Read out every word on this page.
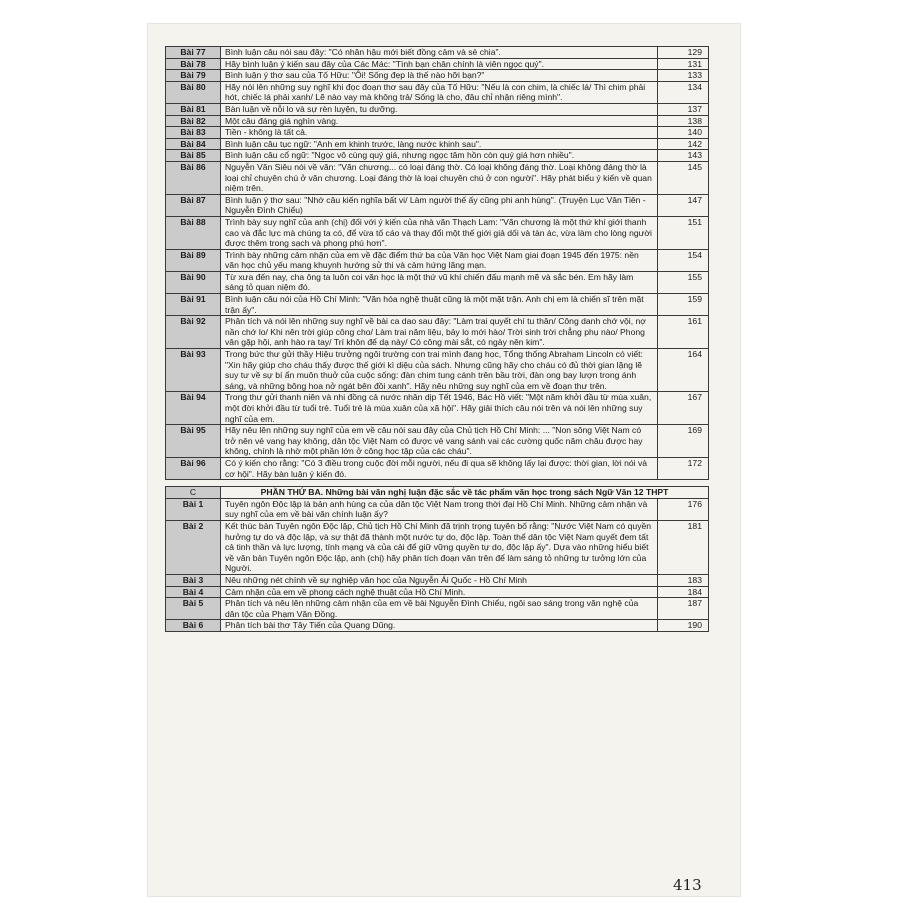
Bài 77	Bình luận câu nói sau đây: "Có nhân hậu mới biết đồng cảm và sẻ chia".	129
Bài 78	Hãy bình luận ý kiến sau đây của Các Mác: "Tình bạn chân chính là viên ngọc quý".	131
Bài 79	Bình luận ý thơ sau của Tố Hữu: "Ôi! Sống đẹp là thế nào hỡi bạn?"	133
Bài 80	Hãy nói lên những suy nghĩ khi đọc đoạn thơ sau đây của Tố Hữu: "Nếu là con chim, là chiếc lá/ Thì chim phải hót, chiếc lá phải xanh/ Lẽ nào vay mà không trả/ Sống là cho, đâu chỉ nhận riêng mình".	134
Bài 81	Bàn luận về nỗi lo và sự rèn luyện, tu dưỡng.	137
Bài 82	Một câu đáng giá nghìn vàng.	138
Bài 83	Tiền - không là tất cả.	140
Bài 84	Bình luận câu tục ngữ: "Anh em khinh trước, làng nước khinh sau".	142
Bài 85	Bình luận câu cổ ngữ: "Ngọc vô cùng quý giá, nhưng ngọc tâm hồn còn quý giá hơn nhiều".	143
Bài 86	Nguyễn Văn Siêu nói về văn: "Văn chương... có loại đáng thờ. Có loại không đáng thờ. Loại không đáng thờ là loại chỉ chuyên chú ở văn chương. Loại đáng thờ là loại chuyên chú ở con người". Hãy phát biểu ý kiến về quan niệm trên.	145
Bài 87	Bình luận ý thơ sau: "Nhớ câu kiến nghĩa bất vi/ Làm người thế ấy cũng phi anh hùng". (Truyện Lục Vân Tiên - Nguyễn Đình Chiểu)	147
Bài 88	Trình bày suy nghĩ của anh (chị) đối với ý kiến của nhà văn Thạch Lam: "Văn chương là một thứ khí giới thanh cao và đắc lực mà chúng ta có, để vừa tố cáo và thay đổi một thế giới giả dối và tàn ác, vừa làm cho lòng người được thêm trong sạch và phong phú hơn".	151
Bài 89	Trình bày những cảm nhận của em về đặc điểm thứ ba của Văn học Việt Nam giai đoạn 1945 đến 1975: nền văn học chủ yếu mang khuynh hướng sử thi và cảm hứng lãng mạn.	154
Bài 90	Từ xưa đến nay, cha ông ta luôn coi văn học là một thứ vũ khí chiến đấu mạnh mẽ và sắc bén. Em hãy làm sáng tỏ quan niệm đó.	155
Bài 91	Bình luận câu nói của Hồ Chí Minh: "Văn hóa nghệ thuật cũng là một mặt trận. Anh chị em là chiến sĩ trên mặt trận ấy".	159
Bài 92	Phân tích và nói lên những suy nghĩ về bài ca dao sau đây: "Làm trai quyết chí tu thân/ Công danh chớ vội, nợ nần chớ lo/ Khi nên trời giúp công cho/ Làm trai năm liệu, bảy lo mới hào/ Trời sinh trời chẳng phụ nào/ Phong vân gặp hội, anh hào ra tay/ Trí khôn để dạ này/ Có công mài sắt, có ngày nên kim".	161
Bài 93	Trong bức thư gửi thầy Hiệu trưởng ngôi trường con trai mình đang học, Tổng thống Abraham Lincoln có viết: "Xin hãy giúp cho cháu thấy được thế giới kì diệu của sách. Nhưng cũng hãy cho cháu có đủ thời gian lặng lẽ suy tư về sự bí ẩn muôn thuở của cuộc sống: đàn chim tung cánh trên bầu trời, đàn ong bay lượn trong ánh sáng, và những bông hoa nở ngát bên đồi xanh". Hãy nêu những suy nghĩ của em về đoạn thư trên.	164
Bài 94	Trong thư gửi thanh niên và nhi đồng cả nước nhân dịp Tết 1946, Bác Hồ viết: "Một năm khởi đầu từ mùa xuân, một đời khởi đầu từ tuổi trẻ. Tuổi trẻ là mùa xuân của xã hội". Hãy giải thích câu nói trên và nói lên những suy nghĩ của em.	167
Bài 95	Hãy nêu lên những suy nghĩ của em về câu nói sau đây của Chủ tịch Hồ Chí Minh: ... "Non sông Việt Nam có trở nên vẻ vang hay không, dân tộc Việt Nam có được vẻ vang sánh vai các cường quốc năm châu được hay không, chính là nhờ một phần lớn ở công học tập của các cháu".	169
Bài 96	Có ý kiến cho rằng: "Có 3 điều trong cuộc đời mỗi người, nếu đi qua sẽ không lấy lại được: thời gian, lời nói và cơ hội". Hãy bàn luận ý kiến đó.	172

C	PHẦN THỨ BA. Những bài văn nghị luận đặc sắc về tác phẩm văn học trong sách Ngữ Văn 12 THPT	
Bài 1	Tuyên ngôn Độc lập là bản anh hùng ca của dân tộc Việt Nam trong thời đại Hồ Chí Minh. Những cảm nhận và suy nghĩ của em về bài văn chính luận ấy?	176
Bài 2	Kết thúc bản Tuyên ngôn Độc lập, Chủ tịch Hồ Chí Minh đã trịnh trọng tuyên bố rằng: "Nước Việt Nam có quyền hưởng tự do và độc lập, và sự thật đã thành một nước tự do, độc lập. Toàn thể dân tộc Việt Nam quyết đem tất cả tinh thần và lực lượng, tính mạng và của cải để giữ vững quyền tự do, độc lập ấy". Dựa vào những hiểu biết về văn bản Tuyên ngôn Độc lập, anh (chị) hãy phân tích đoạn văn trên để làm sáng tỏ những tư tưởng lớn của Người.	181
Bài 3	Nêu những nét chính về sự nghiệp văn học của Nguyễn Ái Quốc - Hồ Chí Minh	183
Bài 4	Cảm nhận của em về phong cách nghệ thuật của Hồ Chí Minh.	184
Bài 5	Phân tích và nêu lên những cảm nhận của em về bài Nguyễn Đình Chiểu, ngôi sao sáng trong văn nghệ của dân tộc của Phạm Văn Đồng.	187
Bài 6	Phân tích bài thơ Tây Tiến của Quang Dũng.	190
413
